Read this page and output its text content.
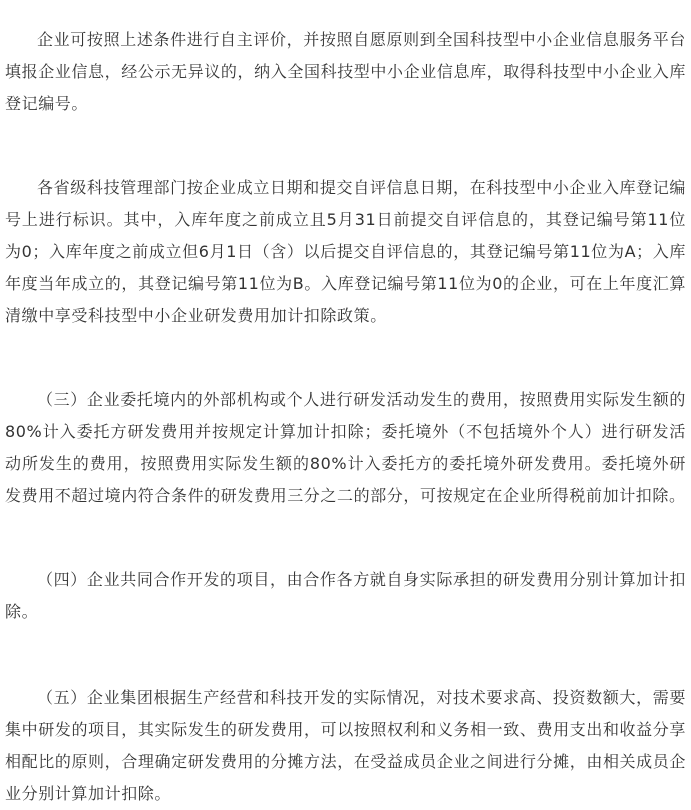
企业可按照上述条件进行自主评价，并按照自愿原则到全国科技型中小企业信息服务平台填报企业信息，经公示无异议的，纳入全国科技型中小企业信息库，取得科技型中小企业入库登记编号。

各省级科技管理部门按企业成立日期和提交自评信息日期，在科技型中小企业入库登记编号上进行标识。其中，入库年度之前成立且5月31日前提交自评信息的，其登记编号第11位为0；入库年度之前成立但6月1日（含）以后提交自评信息的，其登记编号第11位为A；入库年度当年成立的，其登记编号第11位为B。入库登记编号第11位为0的企业，可在上年度汇算清缴中享受科技型中小企业研发费用加计扣除政策。

（三）企业委托境内的外部机构或个人进行研发活动发生的费用，按照费用实际发生额的80%计入委托方研发费用并按规定计算加计扣除；委托境外（不包括境外个人）进行研发活动所发生的费用，按照费用实际发生额的80%计入委托方的委托境外研发费用。委托境外研发费用不超过境内符合条件的研发费用三分之二的部分，可按规定在企业所得税前加计扣除。

（四）企业共同合作开发的项目，由合作各方就自身实际承担的研发费用分别计算加计扣除。

（五）企业集团根据生产经营和科技开发的实际情况，对技术要求高、投资数额大，需要集中研发的项目，其实际发生的研发费用，可以按照权利和义务相一致、费用支出和收益分享相配比的原则，合理确定研发费用的分摊方法，在受益成员企业之间进行分摊，由相关成员企业分别计算加计扣除。
